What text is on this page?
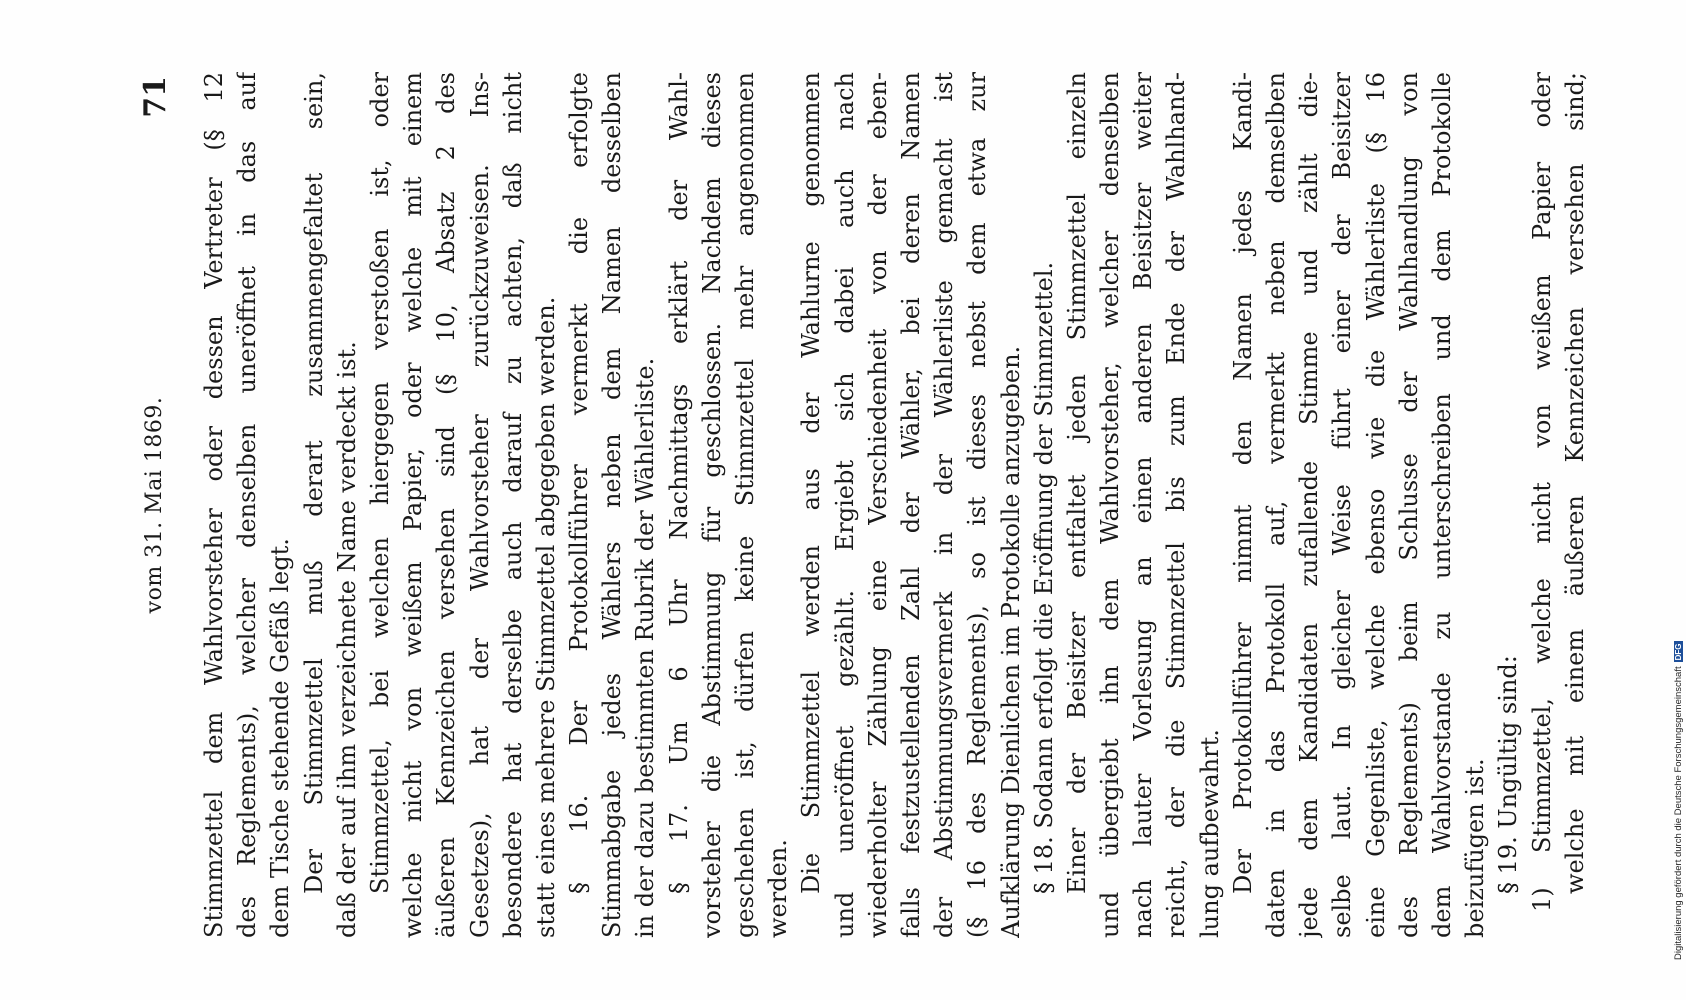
vom 31. Mai 1869.
71 Stimmzettel dem Wahlvorsteher oder dessen Vertreter (§ 12 des Reglements), welcher denselben uneröffnet in das auf dem Tische stehende Gefäß legt. Der Stimmzettel muß derart zusammengefaltet sein, daß der auf ihm verzeichnete Name verdeckt ist. Stimmzettel, bei welchen hiergegen verstoßen ist, oder welche nicht von weißem Papier, oder welche mit einem äußeren Kennzeichen versehen sind (§ 10, Absatz 2 des Gesetzes), hat der Wahlvorsteher zurückzuweisen. Ins- besondere hat derselbe auch darauf zu achten, daß nicht statt eines mehrere Stimmzettel abgegeben werden. § 16. Der Protokollführer vermerkt die erfolgte Stimmabgabe jedes Wählers neben dem Namen desselben in der dazu bestimmten Rubrik der Wählerliste. § 17. Um 6 Uhr Nachmittags erklärt der Wahl- vorsteher die Abstimmung für geschlossen. Nachdem dieses geschehen ist, dürfen keine Stimmzettel mehr angenommen werden. Die Stimmzettel werden aus der Wahlurne genommen und uneröffnet gezählt. Ergiebt sich dabei auch nach wiederholter Zählung eine Verschiedenheit von der eben- falls festzustellenden Zahl der Wähler, bei deren Namen der Abstimmungsvermerk in der Wählerliste gemacht ist (§ 16 des Reglements), so ist dieses nebst dem etwa zur Aufklärung Dienlichen im Protokolle anzugeben. § 18. Sodann erfolgt die Eröffnung der Stimmzettel. Einer der Beisitzer entfaltet jeden Stimmzettel einzeln und übergiebt ihn dem Wahlvorsteher, welcher denselben nach lauter Vorlesung an einen anderen Beisitzer weiter reicht, der die Stimmzettel bis zum Ende der Wahlhand- lung aufbewahrt. Der Protokollführer nimmt den Namen jedes Kandi- daten in das Protokoll auf, vermerkt neben demselben jede dem Kandidaten zufallende Stimme und zählt die- selbe laut. In gleicher Weise führt einer der Beisitzer eine Gegenliste, welche ebenso wie die Wählerliste (§ 16 des Reglements) beim Schlusse der Wahlhandlung von dem Wahlvorstande zu unterschreiben und dem Protokolle beizufügen ist. § 19. Ungültig sind: 1) Stimmzettel, welche nicht von weißem Papier oder welche mit einem äußeren Kennzeichen versehen sind;	Digitalisierung gefördert durch die Deutsche ForschungsgemeinschaftDFG
